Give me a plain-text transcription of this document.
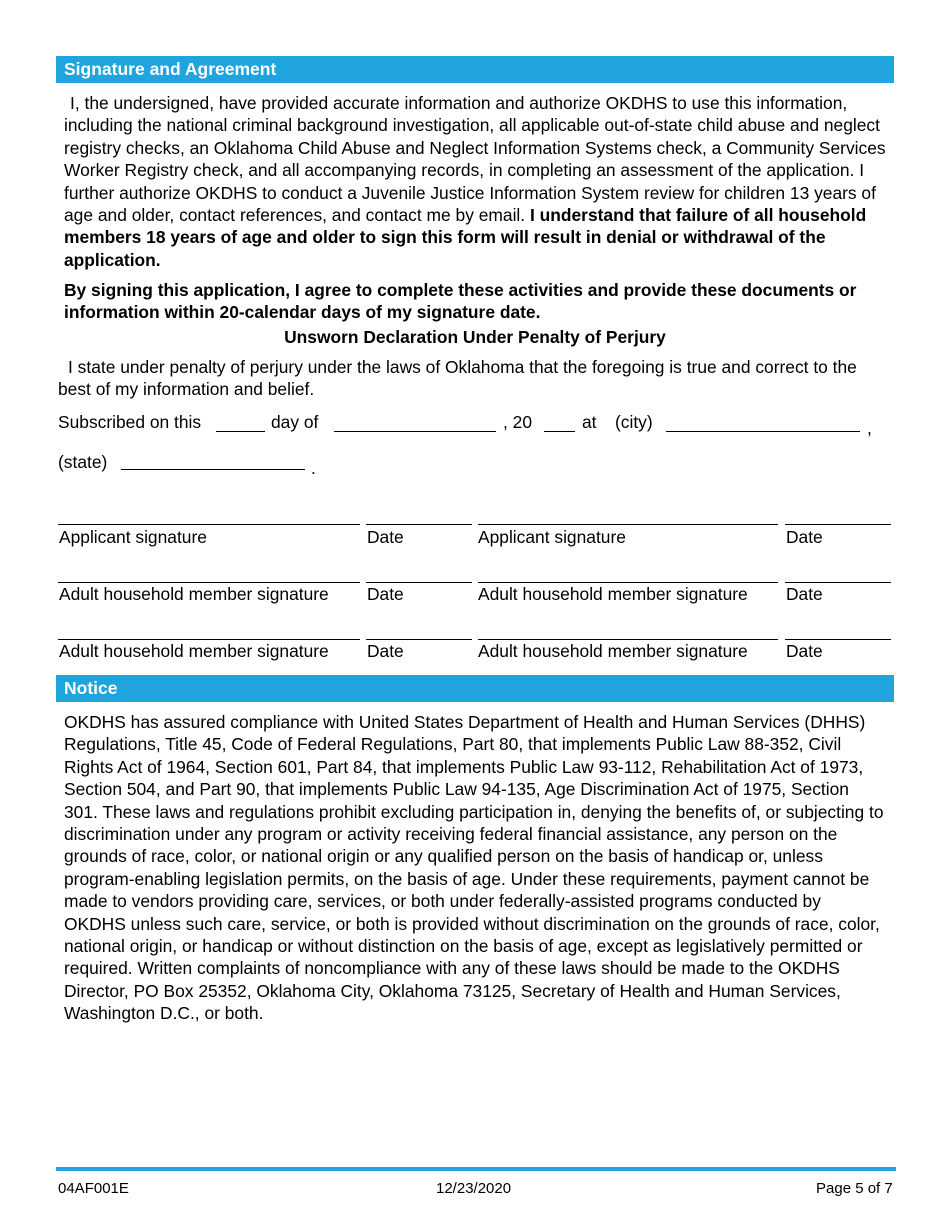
Signature and Agreement
I, the undersigned, have provided accurate information and authorize OKDHS to use this information, including the national criminal background investigation, all applicable out-of-state child abuse and neglect registry checks, an Oklahoma Child Abuse and Neglect Information Systems check, a Community Services Worker Registry check, and all accompanying records, in completing an assessment of the application. I further authorize OKDHS to conduct a Juvenile Justice Information System review for children 13 years of age and older, contact references, and contact me by email. I understand that failure of all household members 18 years of age and older to sign this form will result in denial or withdrawal of the application.
By signing this application, I agree to complete these activities and provide these documents or information within 20-calendar days of my signature date.
Unsworn Declaration Under Penalty of Perjury
I state under penalty of perjury under the laws of Oklahoma that the foregoing is true and correct to the best of my information and belief.
Subscribed on this	day of	, 20	at (city)	,
(state)	.
Applicant signature	Date	Applicant signature	Date
Adult household member signature Date	Adult household member signature Date
Adult household member signature Date	Adult household member signature Date
Notice
OKDHS has assured compliance with United States Department of Health and Human Services (DHHS) Regulations, Title 45, Code of Federal Regulations, Part 80, that implements Public Law 88-352, Civil Rights Act of 1964, Section 601, Part 84, that implements Public Law 93-112, Rehabilitation Act of 1973, Section 504, and Part 90, that implements Public Law 94-135, Age Discrimination Act of 1975, Section 301. These laws and regulations prohibit excluding participation in, denying the benefits of, or subjecting to discrimination under any program or activity receiving federal financial assistance, any person on the grounds of race, color, or national origin or any qualified person on the basis of handicap or, unless program-enabling legislation permits, on the basis of age. Under these requirements, payment cannot be made to vendors providing care, services, or both under federally-assisted programs conducted by OKDHS unless such care, service, or both is provided without discrimination on the grounds of race, color, national origin, or handicap or without distinction on the basis of age, except as legislatively permitted or required. Written complaints of noncompliance with any of these laws should be made to the OKDHS Director, PO Box 25352, Oklahoma City, Oklahoma 73125, Secretary of Health and Human Services, Washington D.C., or both.
04AF001E	12/23/2020	Page 5 of 7
